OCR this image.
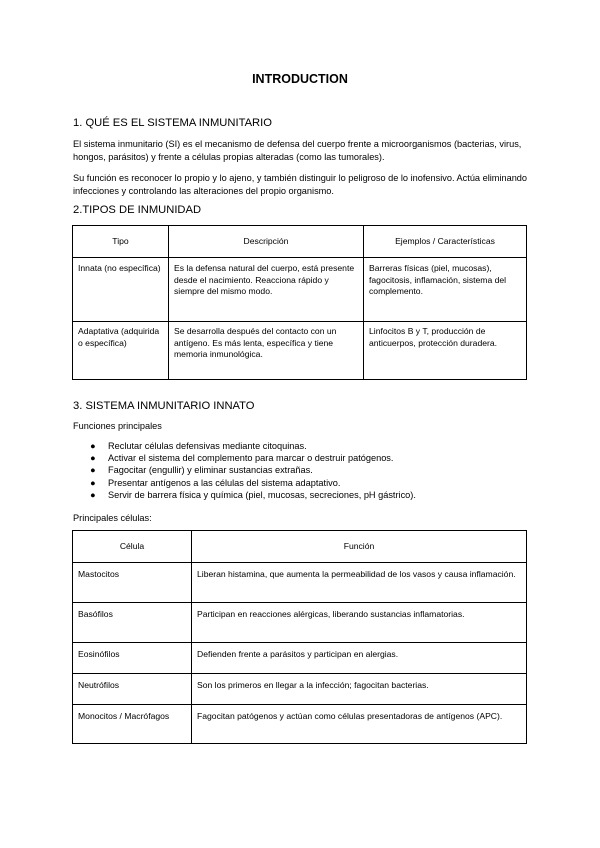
INTRODUCTION
1. QUÉ ES EL SISTEMA INMUNITARIO
El sistema inmunitario (SI) es el mecanismo de defensa del cuerpo frente a microorganismos (bacterias, virus, hongos, parásitos) y frente a células propias alteradas (como las tumorales).
Su función es reconocer lo propio y lo ajeno, y también distinguir lo peligroso de lo inofensivo. Actúa eliminando infecciones y controlando las alteraciones del propio organismo.
2.TIPOS DE INMUNIDAD
Tipo	Descripción	Ejemplos / Características
Innata (no específica)	Es la defensa natural del cuerpo, está presente desde el nacimiento. Reacciona rápido y siempre del mismo modo.	Barreras físicas (piel, mucosas), fagocitosis, inflamación, sistema del complemento.
Adaptativa (adquirida o específica)	Se desarrolla después del contacto con un antígeno. Es más lenta, específica y tiene memoria inmunológica.	Linfocitos B y T, producción de anticuerpos, protección duradera.
3. SISTEMA INMUNITARIO INNATO
Funciones principales
● Reclutar células defensivas mediante citoquinas.
● Activar el sistema del complemento para marcar o destruir patógenos.
● Fagocitar (engullir) y eliminar sustancias extrañas.
● Presentar antígenos a las células del sistema adaptativo.
● Servir de barrera física y química (piel, mucosas, secreciones, pH gástrico).
Principales células:
Célula	Función
Mastocitos	Liberan histamina, que aumenta la permeabilidad de los vasos y causa inflamación.
Basófilos	Participan en reacciones alérgicas, liberando sustancias inflamatorias.
Eosinófilos	Defienden frente a parásitos y participan en alergias.
Neutrófilos	Son los primeros en llegar a la infección; fagocitan bacterias.
Monocitos / Macrófagos	Fagocitan patógenos y actúan como células presentadoras de antígenos (APC).
